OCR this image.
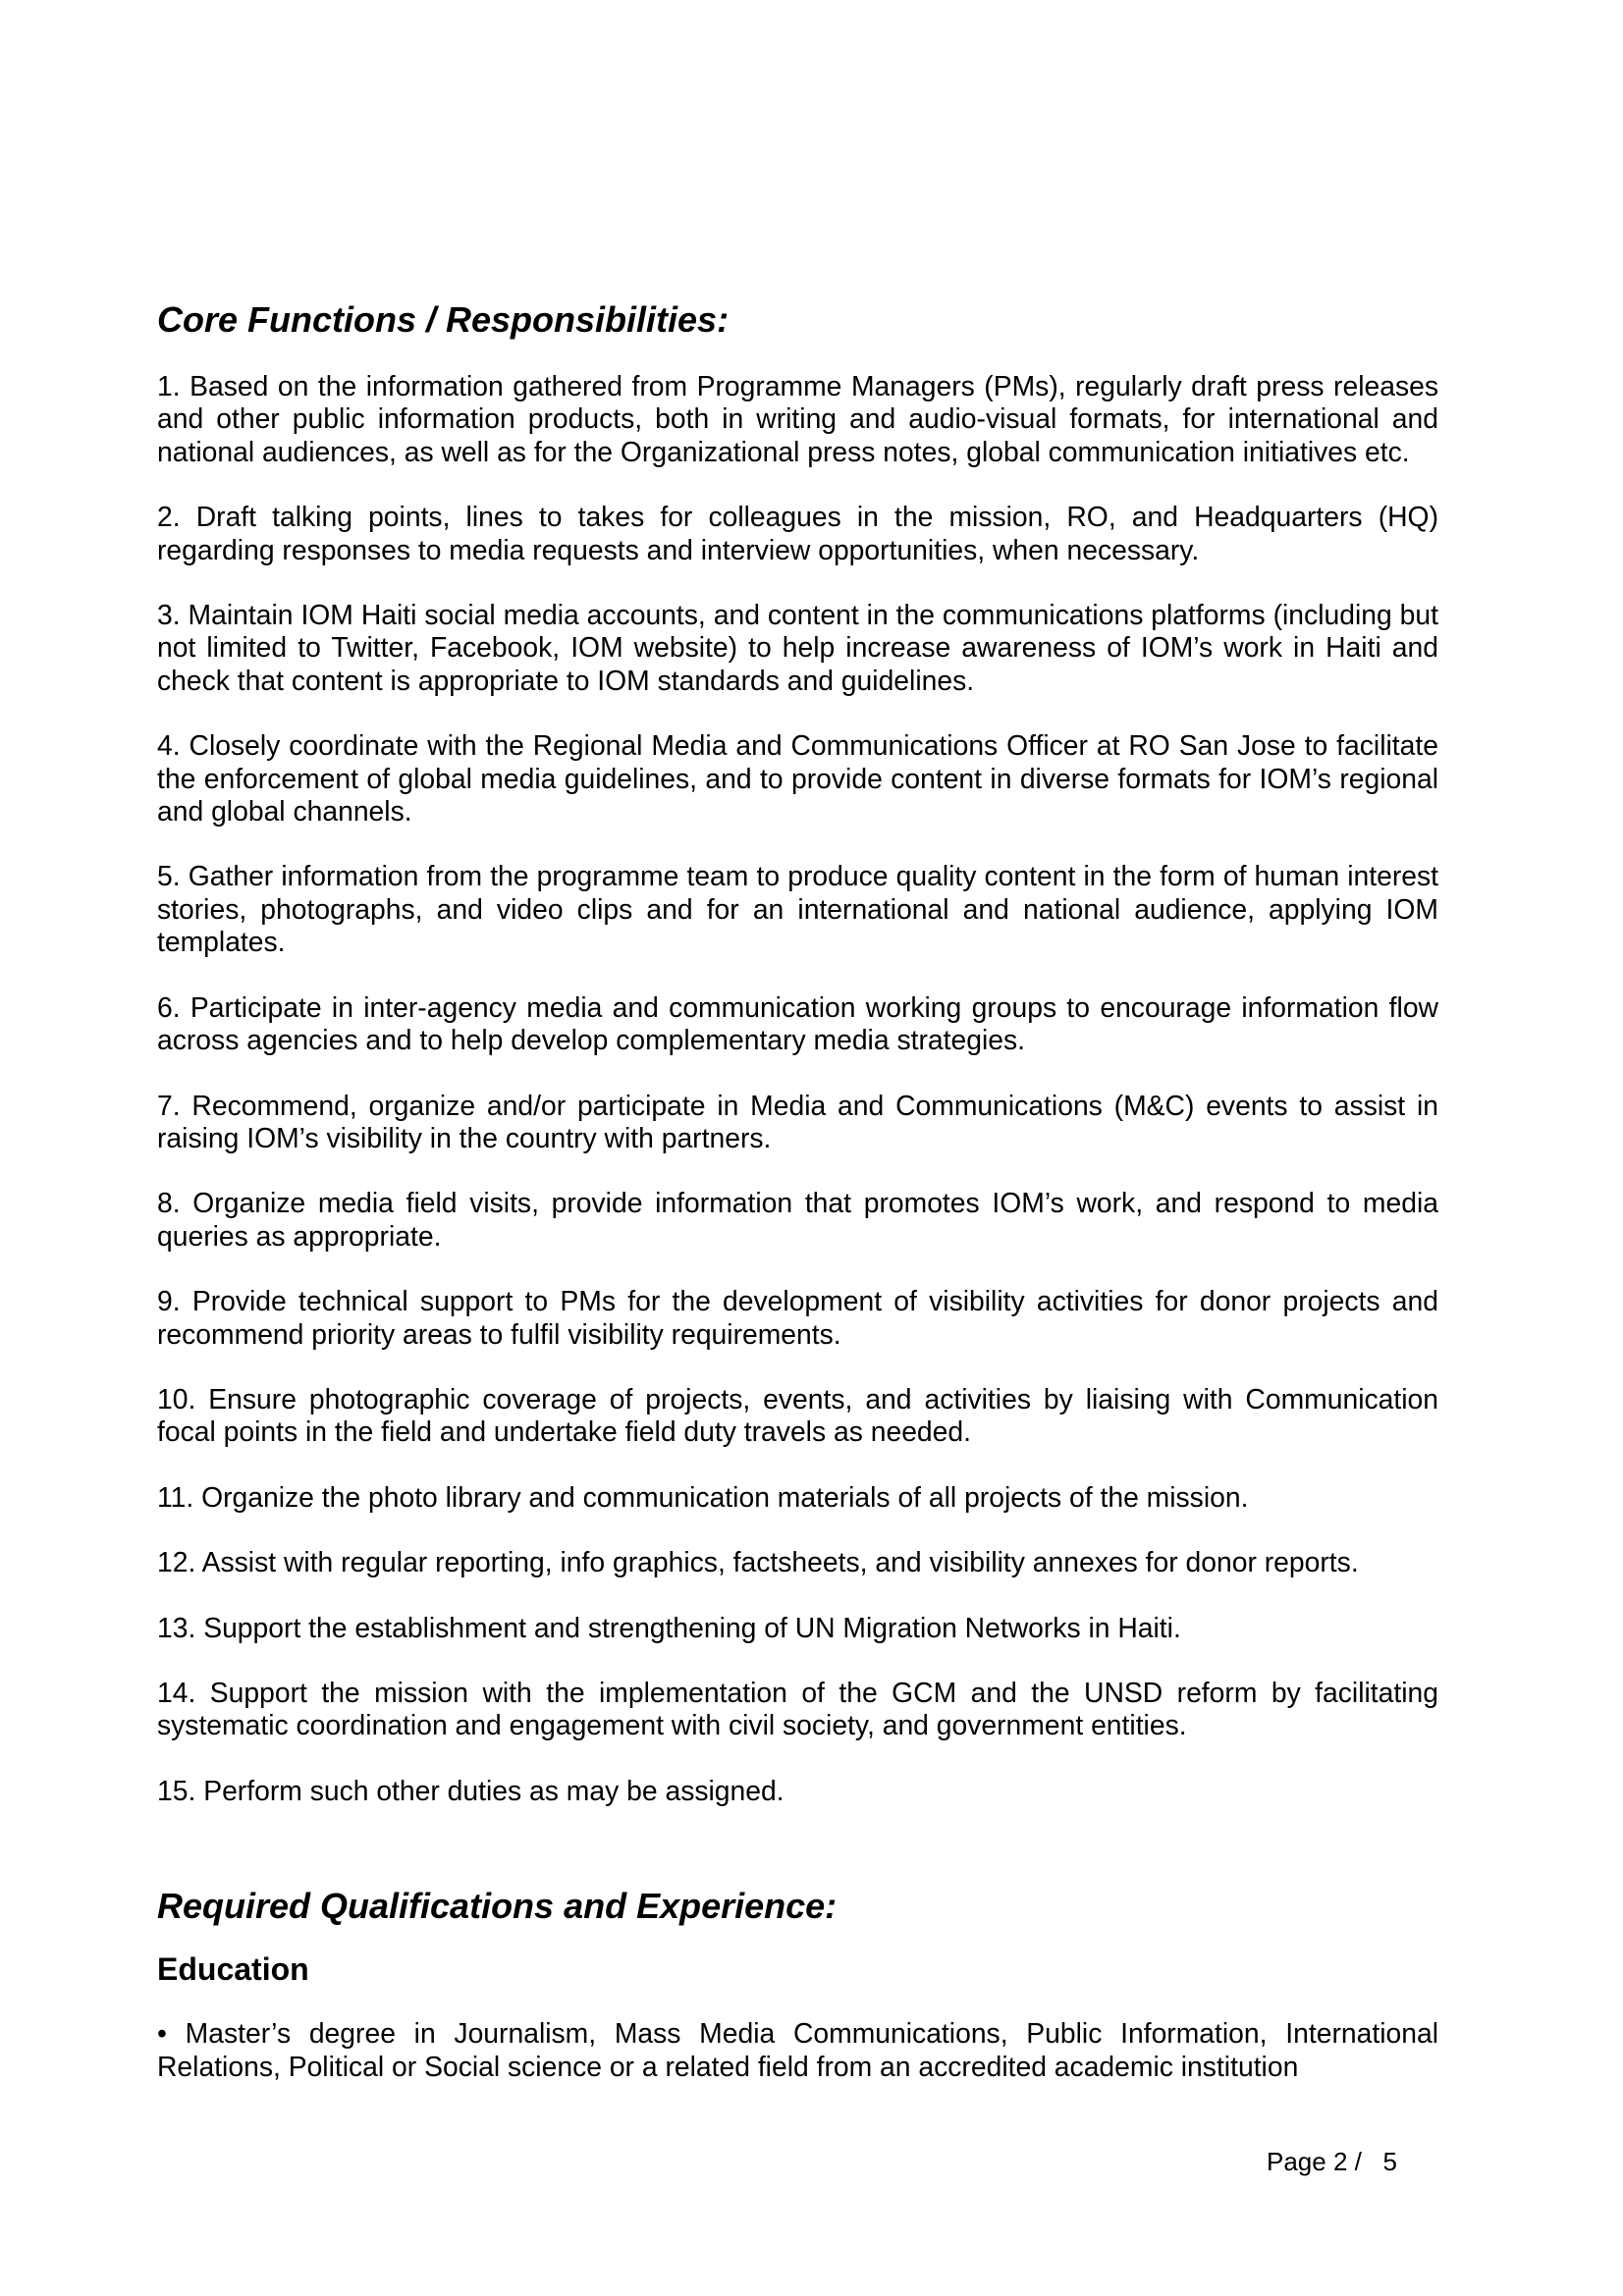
Core Functions / Responsibilities:
1. Based on the information gathered from Programme Managers (PMs), regularly draft press releases and other public information products, both in writing and audio-visual formats, for international and national audiences, as well as for the Organizational press notes, global communication initiatives etc.
2. Draft talking points, lines to takes for colleagues in the mission, RO, and Headquarters (HQ) regarding responses to media requests and interview opportunities, when necessary.
3. Maintain IOM Haiti social media accounts, and content in the communications platforms (including but not limited to Twitter, Facebook, IOM website) to help increase awareness of IOM’s work in Haiti and check that content is appropriate to IOM standards and guidelines.
4. Closely coordinate with the Regional Media and Communications Officer at RO San Jose to facilitate the enforcement of global media guidelines, and to provide content in diverse formats for IOM’s regional and global channels.
5. Gather information from the programme team to produce quality content in the form of human interest stories, photographs, and video clips and for an international and national audience, applying IOM templates.
6. Participate in inter-agency media and communication working groups to encourage information flow across agencies and to help develop complementary media strategies.
7. Recommend, organize and/or participate in Media and Communications (M&C) events to assist in raising IOM’s visibility in the country with partners.
8. Organize media field visits, provide information that promotes IOM’s work, and respond to media queries as appropriate.
9. Provide technical support to PMs for the development of visibility activities for donor projects and recommend priority areas to fulfil visibility requirements.
10. Ensure photographic coverage of projects, events, and activities by liaising with Communication focal points in the field and undertake field duty travels as needed.
11. Organize the photo library and communication materials of all projects of the mission.
12. Assist with regular reporting, info graphics, factsheets, and visibility annexes for donor reports.
13. Support the establishment and strengthening of UN Migration Networks in Haiti.
14. Support the mission with the implementation of the GCM and the UNSD reform by facilitating systematic coordination and engagement with civil society, and government entities.
15. Perform such other duties as may be assigned.
Required Qualifications and Experience:
Education

• Master’s degree in Journalism, Mass Media Communications, Public Information, International Relations, Political or Social science or a related field from an accredited academic institution

Page 2 /   5
